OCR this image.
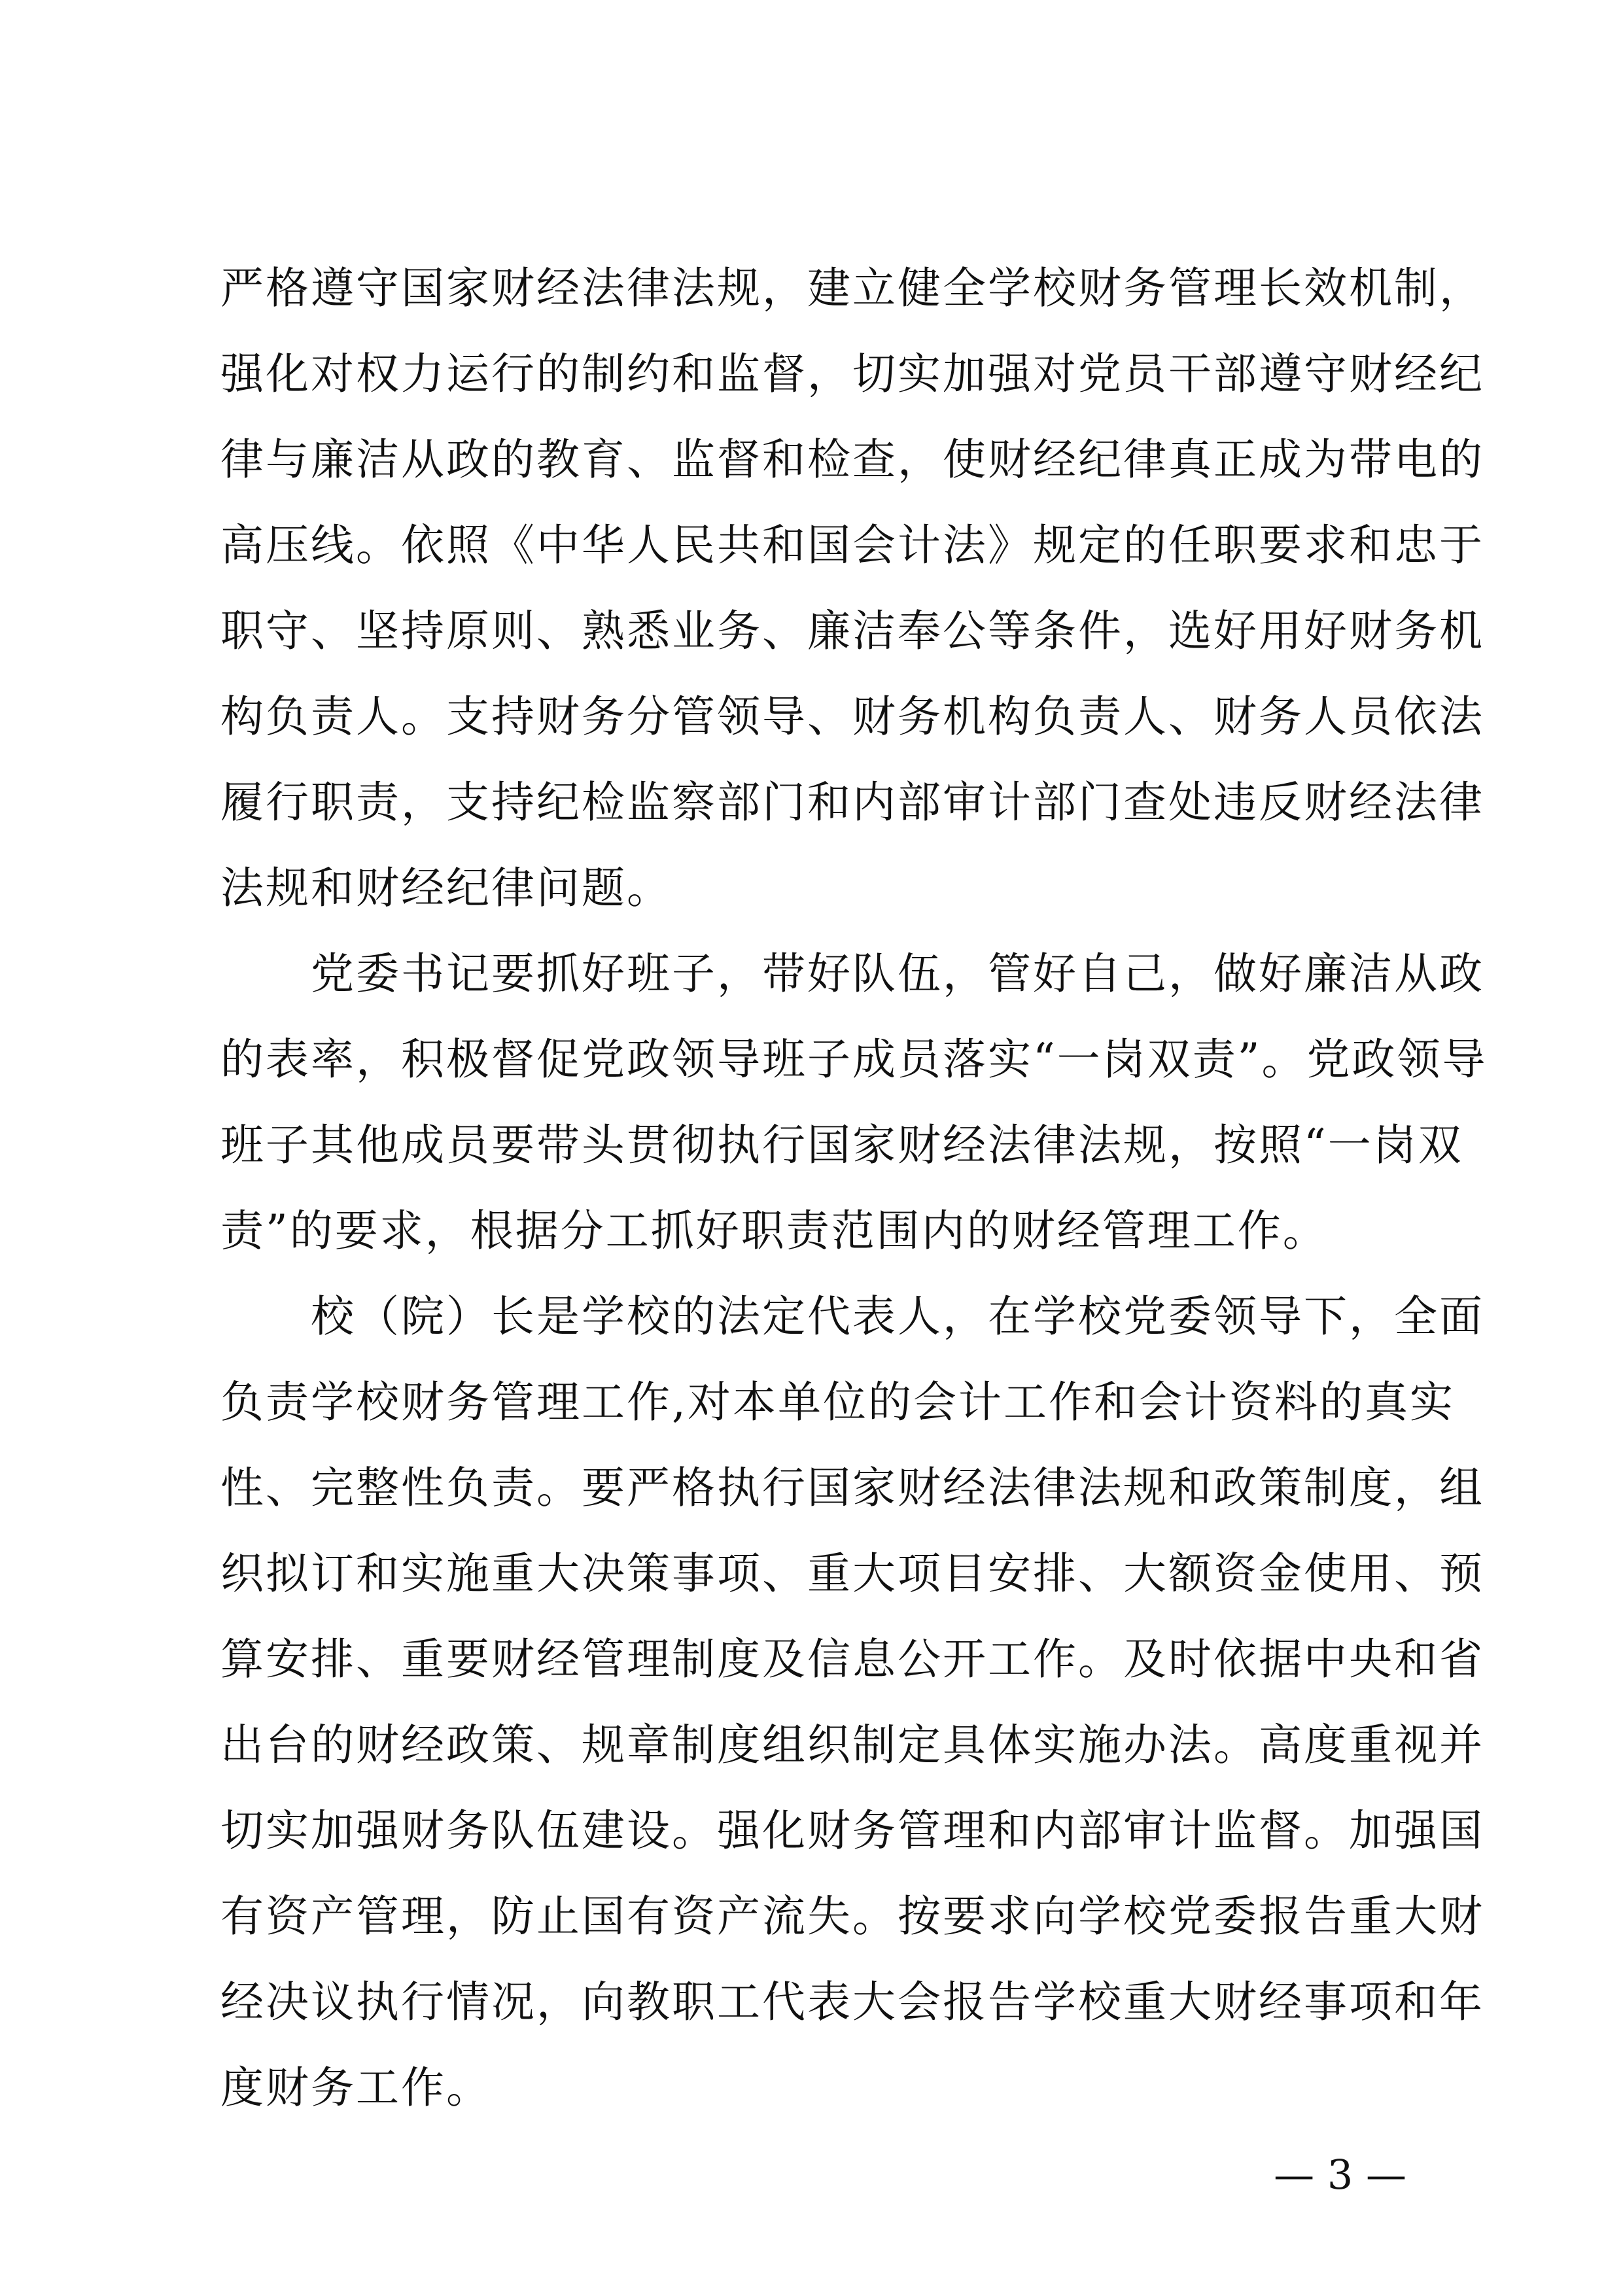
严格遵守国家财经法律法规，建立健全学校财务管理长效机制，
强化对权力运行的制约和监督，切实加强对党员干部遵守财经纪
律与廉洁从政的教育、监督和检查，使财经纪律真正成为带电的
高压线。依照《中华人民共和国会计法》规定的任职要求和忠于
职守、坚持原则、熟悉业务、廉洁奉公等条件，选好用好财务机
构负责人。支持财务分管领导、财务机构负责人、财务人员依法
履行职责，支持纪检监察部门和内部审计部门查处违反财经法律
法规和财经纪律问题。

党委书记要抓好班子，带好队伍，管好自己，做好廉洁从政
的表率，积极督促党政领导班子成员落实“一岗双责”。党政领导
班子其他成员要带头贯彻执行国家财经法律法规，按照“一岗双
责”的要求，根据分工抓好职责范围内的财经管理工作。

校（院）长是学校的法定代表人，在学校党委领导下，全面
负责学校财务管理工作,对本单位的会计工作和会计资料的真实
性、完整性负责。要严格执行国家财经法律法规和政策制度，组
织拟订和实施重大决策事项、重大项目安排、大额资金使用、预
算安排、重要财经管理制度及信息公开工作。及时依据中央和省
出台的财经政策、规章制度组织制定具体实施办法。高度重视并
切实加强财务队伍建设。强化财务管理和内部审计监督。加强国
有资产管理，防止国有资产流失。按要求向学校党委报告重大财
经决议执行情况，向教职工代表大会报告学校重大财经事项和年
度财务工作。

— 3 —
